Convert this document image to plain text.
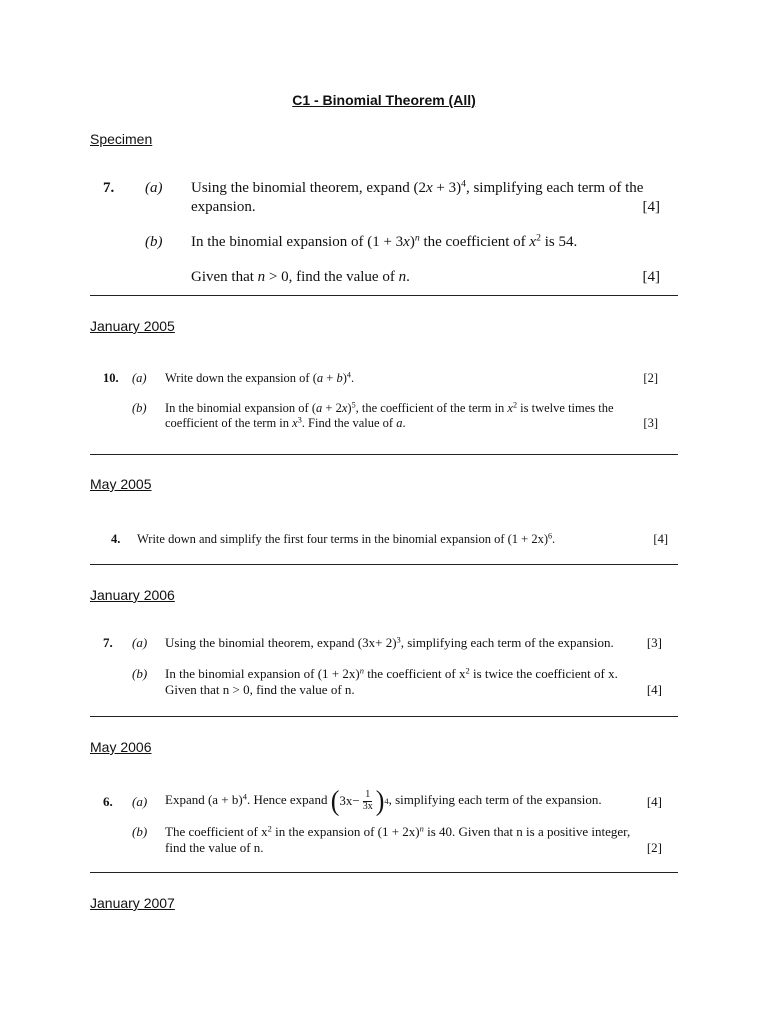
C1 - Binomial Theorem (All)
Specimen
7. (a) Using the binomial theorem, expand $(2x + 3)^4$, simplifying each term of the
expansion.	[4]
(b) In the binomial expansion of $(1 + 3x)^n$ the coefficient of $x^2$ is 54.
Given that n > 0, find the value of n.	[4]
January 2005
10. (a) Write down the expansion of $(a + b)^4$.	[2]
(b) In the binomial expansion of $(a + 2x)^5$, the coefficient of the term in $x^2$ is twelve times the
coefficient of the term in $x^3$. Find the value of a.	[3]
May 2005
4. Write down and simplify the first four terms in the binomial expansion of $(1 + 2x)^6$.	[4]
January 2006
7. (a) Using the binomial theorem, expand $(3x+ 2)^3$, simplifying each term of the expansion.	[3]
(b) In the binomial expansion of $(1 + 2x)^n$ the coefficient of $x^2$ is twice the coefficient of x.
Given that n > 0, find the value of n.	[4]
May 2006
6. (a) Expand $(a + b)^4$. Hence expand ( $3x- \frac{1}{3x}$ ) 4 , simplifying each term of the expansion.	[4]
(b) The coefficient of $x^2$ in the expansion of $(1 + 2x)^n$ is 40. Given that n is a positive integer,
find the value of n.	[2]
January 2007
